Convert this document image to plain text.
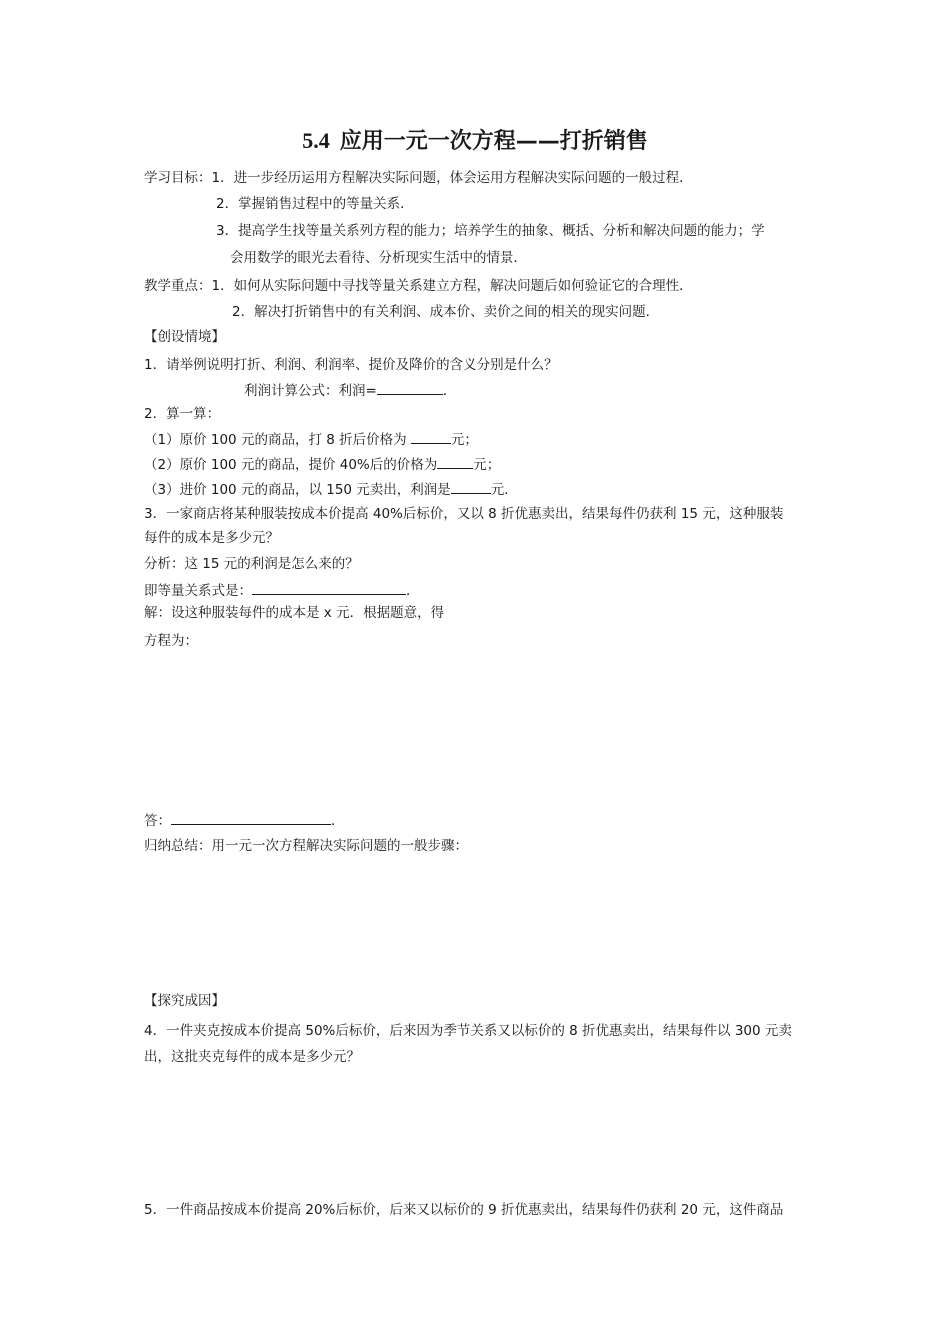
5.4 应用一元一次方程——打折销售
学习目标：1．进一步经历运用方程解决实际问题，体会运用方程解决实际问题的一般过程．
2．掌握销售过程中的等量关系．
3．提高学生找等量关系列方程的能力；培养学生的抽象、概括、分析和解决问题的能力；学
会用数学的眼光去看待、分析现实生活中的情景．
教学重点：1．如何从实际问题中寻找等量关系建立方程，解决问题后如何验证它的合理性．
2．解决打折销售中的有关利润、成本价、卖价之间的相关的现实问题．
【创设情境】
1．请举例说明打折、利润、利润率、提价及降价的含义分别是什么？
利润计算公式：利润=	．
2．算一算：
（1）原价 100 元的商品，打 8 折后价格为	元；
（2）原价 100 元的商品，提价 40%后的价格为	元；
（3）进价 100 元的商品，以 150 元卖出，利润是	元．
3．一家商店将某种服装按成本价提高 40%后标价，又以 8 折优惠卖出，结果每件仍获利 15 元，这种服装
每件的成本是多少元？
分析：这 15 元的利润是怎么来的？
即等量关系式是：	．
解：设这种服装每件的成本是 x 元．根据题意，得
方程为：
答：	．
归纳总结：用一元一次方程解决实际问题的一般步骤：
【探究成因】
4．一件夹克按成本价提高 50%后标价，后来因为季节关系又以标价的 8 折优惠卖出，结果每件以 300 元卖
出，这批夹克每件的成本是多少元？
5．一件商品按成本价提高 20%后标价，后来又以标价的 9 折优惠卖出，结果每件仍获利 20 元，这件商品
